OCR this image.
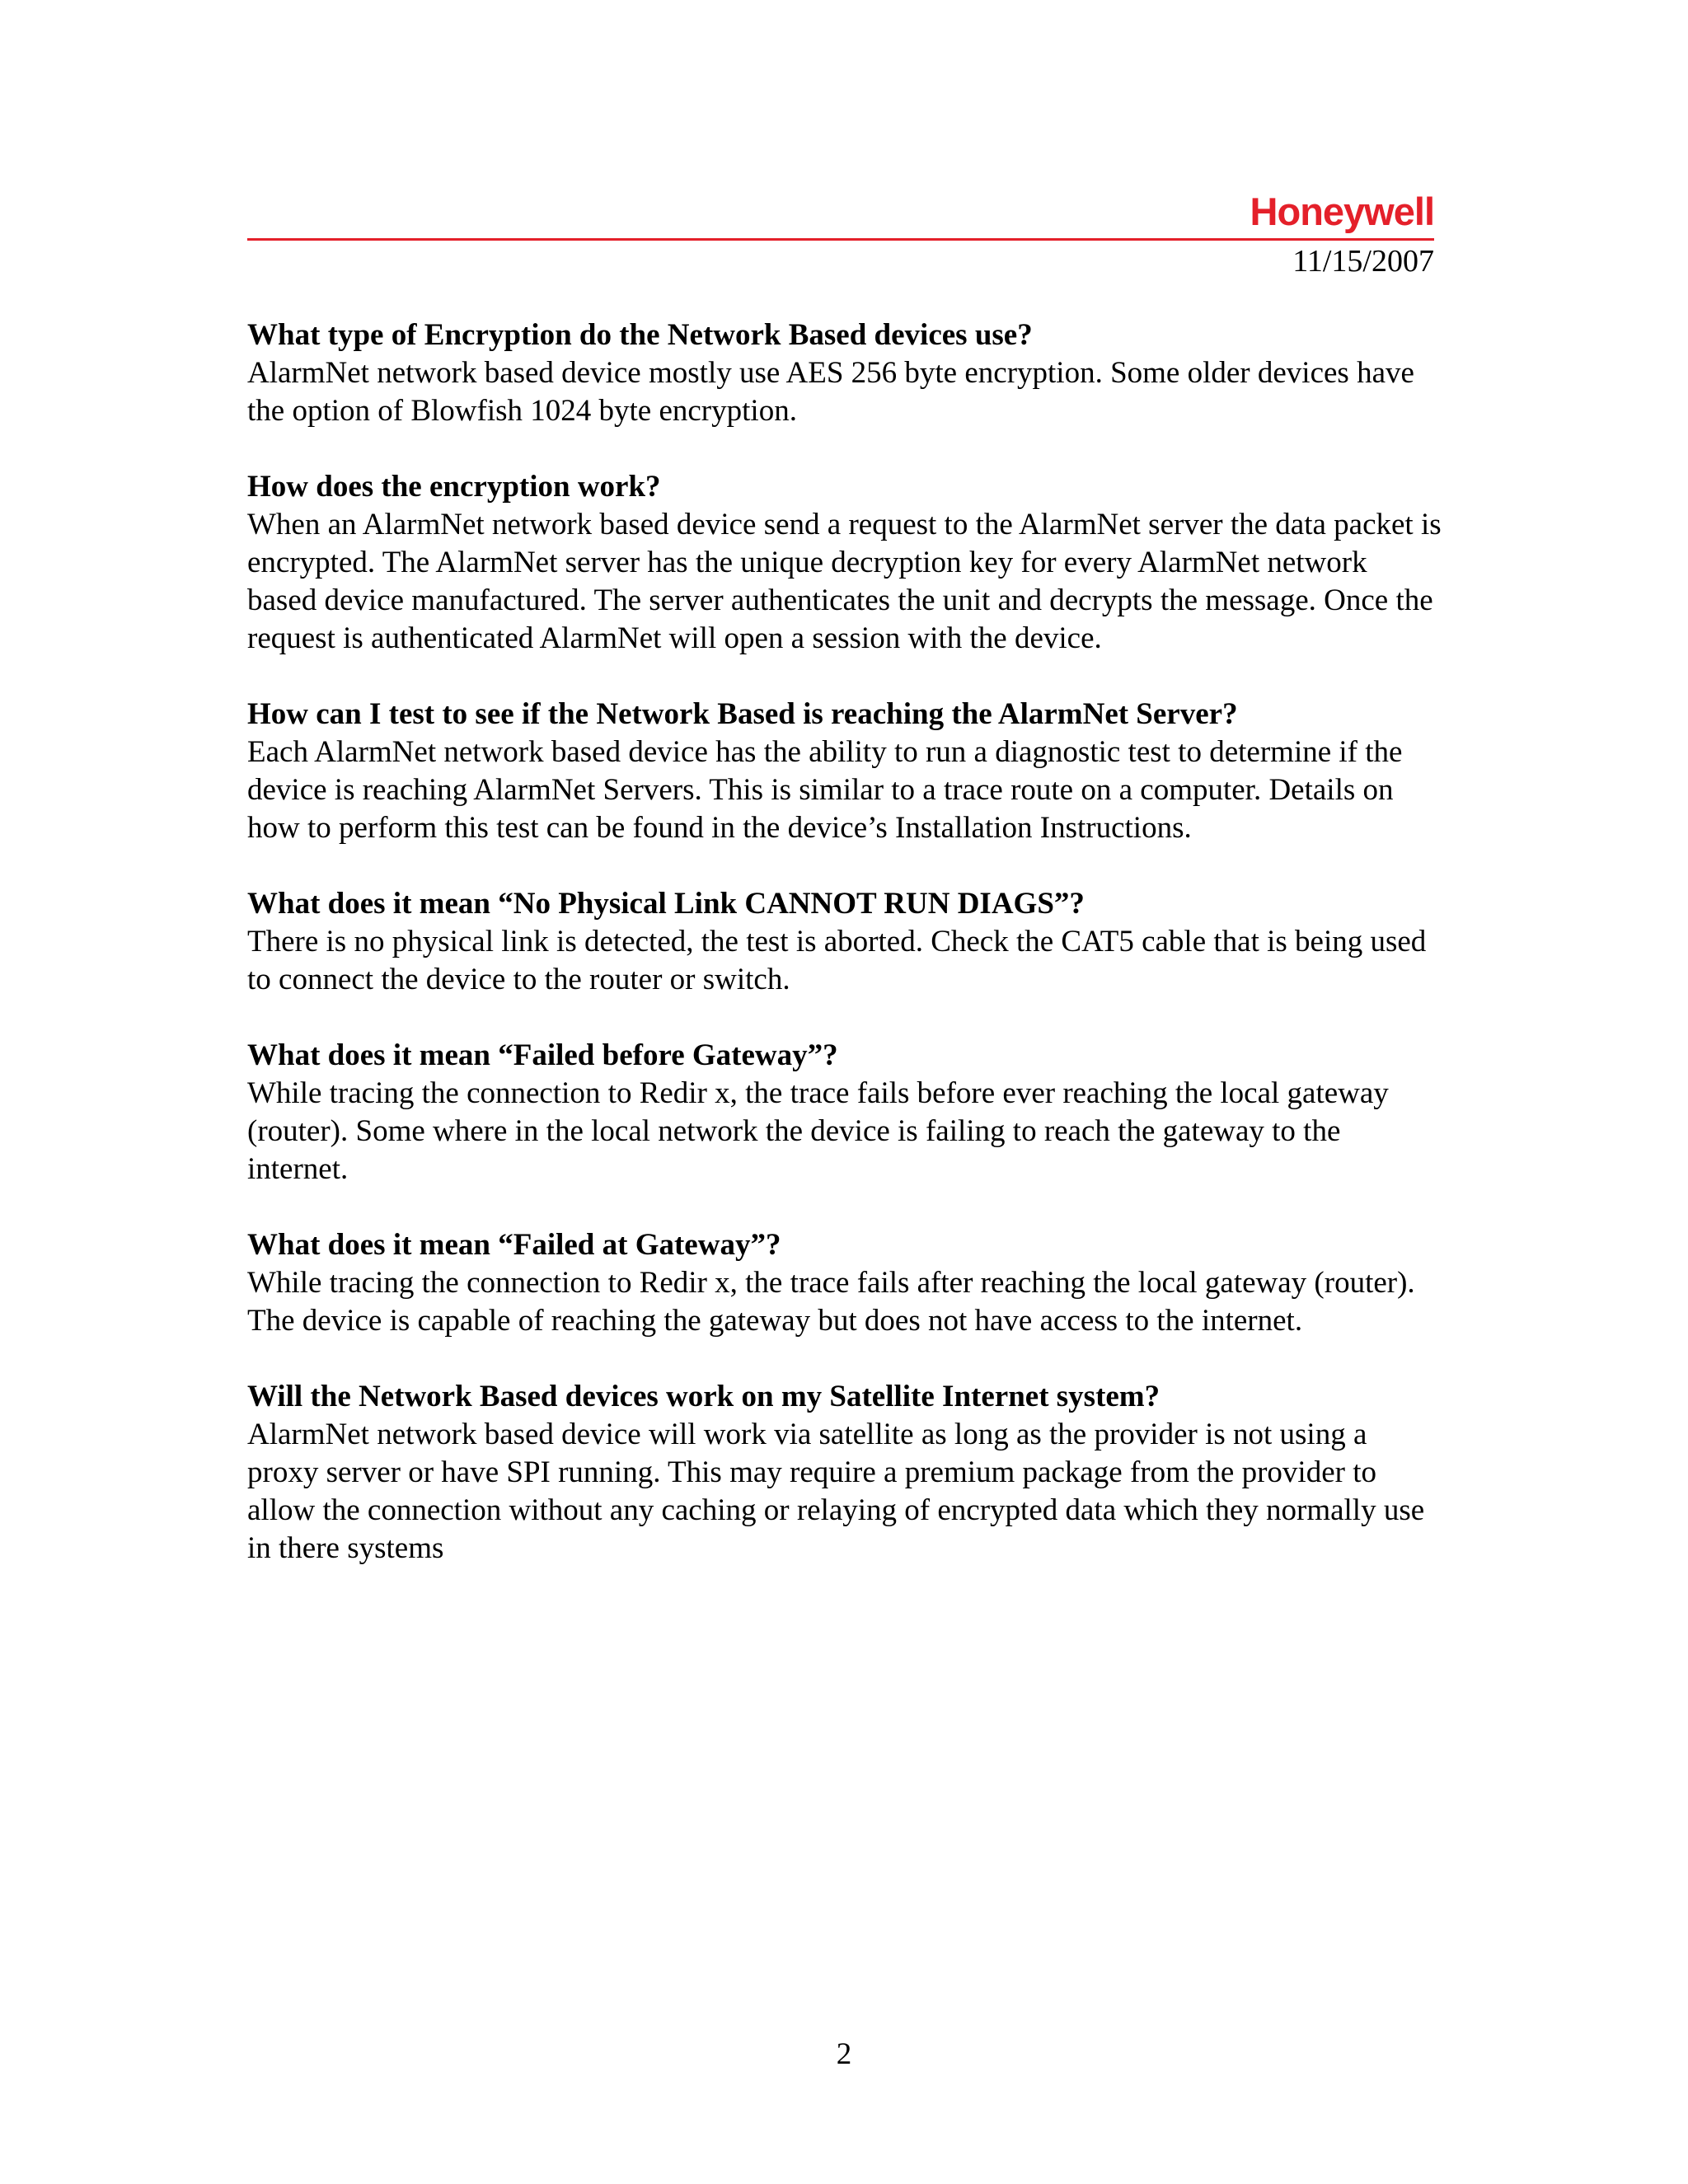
Honeywell
11/15/2007

What type of Encryption do the Network Based devices use?

AlarmNet network based device mostly use AES 256 byte encryption. Some older devices have the option of Blowfish 1024 byte encryption.

How does the encryption work?

When an AlarmNet network based device send a request to the AlarmNet server the data packet is encrypted. The AlarmNet server has the unique decryption key for every AlarmNet network based device manufactured. The server authenticates the unit and decrypts the message. Once the request is authenticated AlarmNet will open a session with the device.

How can I test to see if the Network Based is reaching the AlarmNet Server?

Each AlarmNet network based device has the ability to run a diagnostic test to determine if the device is reaching AlarmNet Servers. This is similar to a trace route on a computer. Details on how to perform this test can be found in the device’s Installation Instructions.

What does it mean “No Physical Link CANNOT RUN DIAGS”?

There is no physical link is detected, the test is aborted. Check the CAT5 cable that is being used to connect the device to the router or switch.

What does it mean “Failed before Gateway”?

While tracing the connection to Redir x, the trace fails before ever reaching the local gateway (router). Some where in the local network the device is failing to reach the gateway to the internet.

What does it mean “Failed at Gateway”?

While tracing the connection to Redir x, the trace fails after reaching the local gateway (router). The device is capable of reaching the gateway but does not have access to the internet.

Will the Network Based devices work on my Satellite Internet system?

AlarmNet network based device will work via satellite as long as the provider is not using a proxy server or have SPI running. This may require a premium package from the provider to allow the connection without any caching or relaying of encrypted data which they normally use in there systems

2
